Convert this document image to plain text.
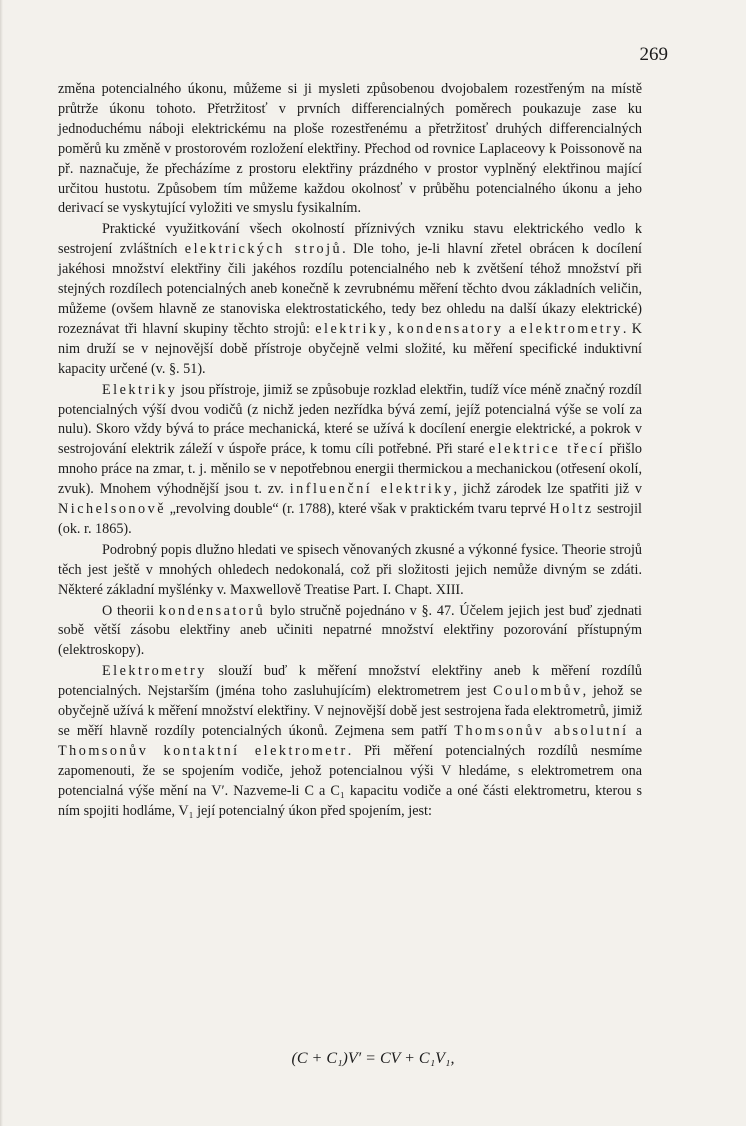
269

změna potencialného úkonu, můžeme si ji mysleti způsobenou dvojobalem rozestřeným na místě průtrže úkonu tohoto. Přetržitosť v prvních differencialných poměrech poukazuje zase ku jednoduchému náboji elektrickému na ploše rozestřenému a přetržitosť druhých differencialných poměrů ku změně v prostorovém rozložení elektřiny. Přechod od rovnice Laplaceovy k Poissonově na př. naznačuje, že přecházíme z prostoru elektřiny prázdného v prostor vyplněný elektřinou mající určitou hustotu. Způsobem tím můžeme každou okolnosť v průběhu potencialného úkonu a jeho derivací se vyskytující vyložiti ve smyslu fysikalním.

Praktické využitkování všech okolností příznivých vzniku stavu elektrického vedlo k sestrojení zvláštních elektrických strojů. Dle toho, je-li hlavní zřetel obrácen k docílení jakéhosi množství elektřiny čili jakéhos rozdílu potencialného neb k zvětšení téhož množství při stejných rozdílech potencialných aneb konečně k zevrubnému měření těchto dvou základních veličin, můžeme (ovšem hlavně ze stanoviska elektrostatického, tedy bez ohledu na další úkazy elektrické) rozeznávat tři hlavní skupiny těchto strojů: elektriky, kondensatory a elektrometry. K nim druží se v nejnovější době přístroje obyčejně velmi složité, ku měření specifické induktivní kapacity určené (v. §. 51).

Elektriky jsou přístroje, jimiž se způsobuje rozklad elektřin, tudíž více méně značný rozdíl potencialných výší dvou vodičů (z nichž jeden nezřídka bývá zemí, jejíž potencialná výše se volí za nulu). Skoro vždy bývá to práce mechanická, které se užívá k docílení energie elektrické, a pokrok v sestrojování elektrik záleží v úspoře práce, k tomu cíli potřebné. Při staré elektrice třecí přišlo mnoho práce na zmar, t. j. měnilo se v nepotřebnou energii thermickou a mechanickou (otřesení okolí, zvuk). Mnohem výhodnější jsou t. zv. influenční elektriky, jichž zárodek lze spatřiti již v Nichelsonově „revolving double“ (r. 1788), které však v praktickém tvaru teprvé Holtz sestrojil (ok. r. 1865).

Podrobný popis dlužno hledati ve spisech věnovaných zkusné a výkonné fysice. Theorie strojů těch jest ještě v mnohých ohledech nedokonalá, což při složitosti jejich nemůže divným se zdáti. Některé základní myšlénky v. Maxwellově Treatise Part. I. Chapt. XIII.

O theorii kondensatorů bylo stručně pojednáno v §. 47. Účelem jejich jest buď zjednati sobě větší zásobu elektřiny aneb učiniti nepatrné množství elektřiny pozorování přístupným (elektroskopy).

Elektrometry slouží buď k měření množství elektřiny aneb k měření rozdílů potencialných. Nejstarším (jména toho zasluhujícím) elektrometrem jest Coulombův, jehož se obyčejně užívá k měření množství elektřiny. V nejnovější době jest sestrojena řada elektrometrů, jimiž se měří hlavně rozdíly potencialných úkonů. Zejmena sem patří Thomsonův absolutní a Thomsonův kontaktní elektrometr. Při měření potencialných rozdílů nesmíme zapomenouti, že se spojením vodiče, jehož potencialnou výši V hledáme, s elektrometrem ona potencialná výše mění na V′. Nazveme-li C a C₁ kapacitu vodiče a oné části elektrometru, kterou s ním spojiti hodláme, V₁ její potencialný úkon před spojením, jest:

(C + C₁)V′ = CV + C₁V₁,
